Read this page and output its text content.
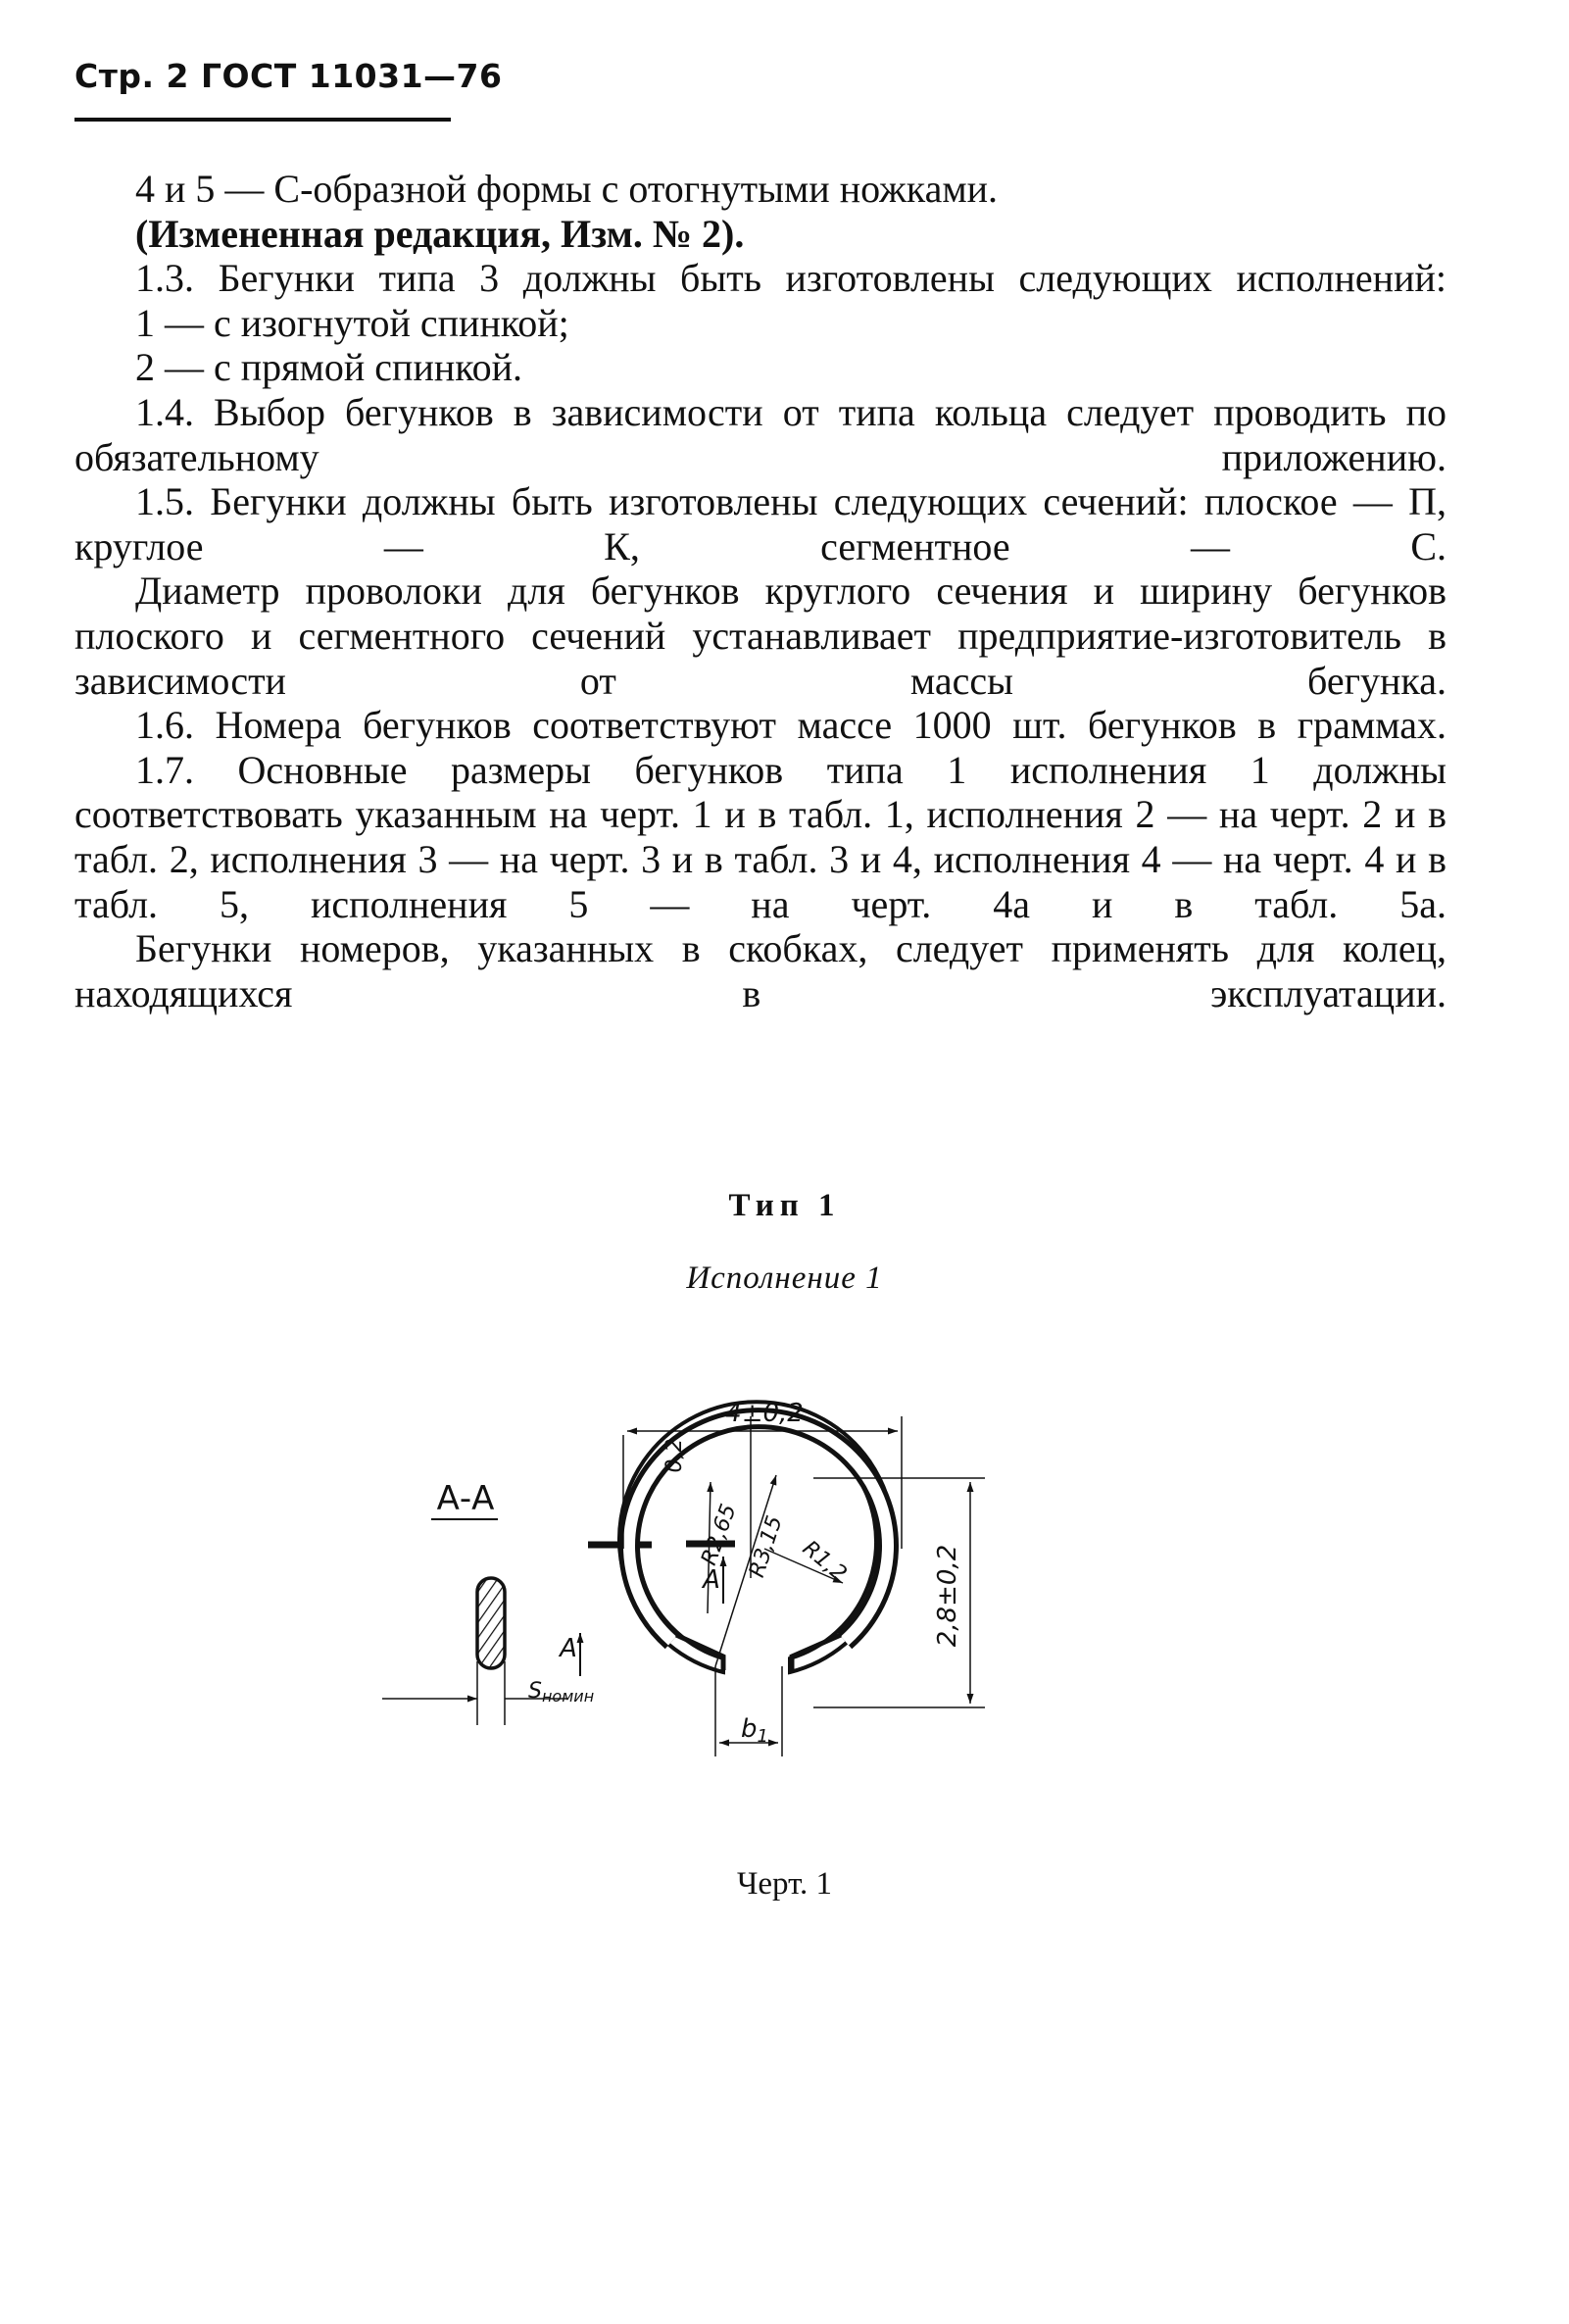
Стр. 2 ГОСТ 11031—76

4 и 5 — С-образной формы с отогнутыми ножками.

(Измененная редакция, Изм. № 2).

1.3. Бегунки типа 3 должны быть изготовлены следующих исполнений:

1 — с изогнутой спинкой;

2 — с прямой спинкой.

1.4. Выбор бегунков в зависимости от типа кольца следует проводить по обязательному приложению.

1.5. Бегунки должны быть изготовлены следующих сечений: плоское — П, круглое — К, сегментное — С.

Диаметр проволоки для бегунков круглого сечения и ширину бегунков плоского и сегментного сечений устанавливает предприятие-изготовитель в зависимости от массы бегунка.

1.6. Номера бегунков соответствуют массе 1000 шт. бегунков в граммах.

1.7. Основные размеры бегунков типа 1 исполнения 1 должны соответствовать указанным на черт. 1 и в табл. 1, исполнения 2 — на черт. 2 и в табл. 2, исполнения 3 — на черт. 3 и в табл. 3 и 4, исполнения 4 — на черт. 4 и в табл. 5, исполнения 5 — на черт. 4а и в табл. 5а.

Бегунки номеров, указанных в скобках, следует применять для колец, находящихся в эксплуатации.

Тип 1
Исполнение 1
А-А
Sномин
А
4±0,2
2,8±0,2
0,2
R2,65 R3,15 R1,2
А
b1
Черт. 1
